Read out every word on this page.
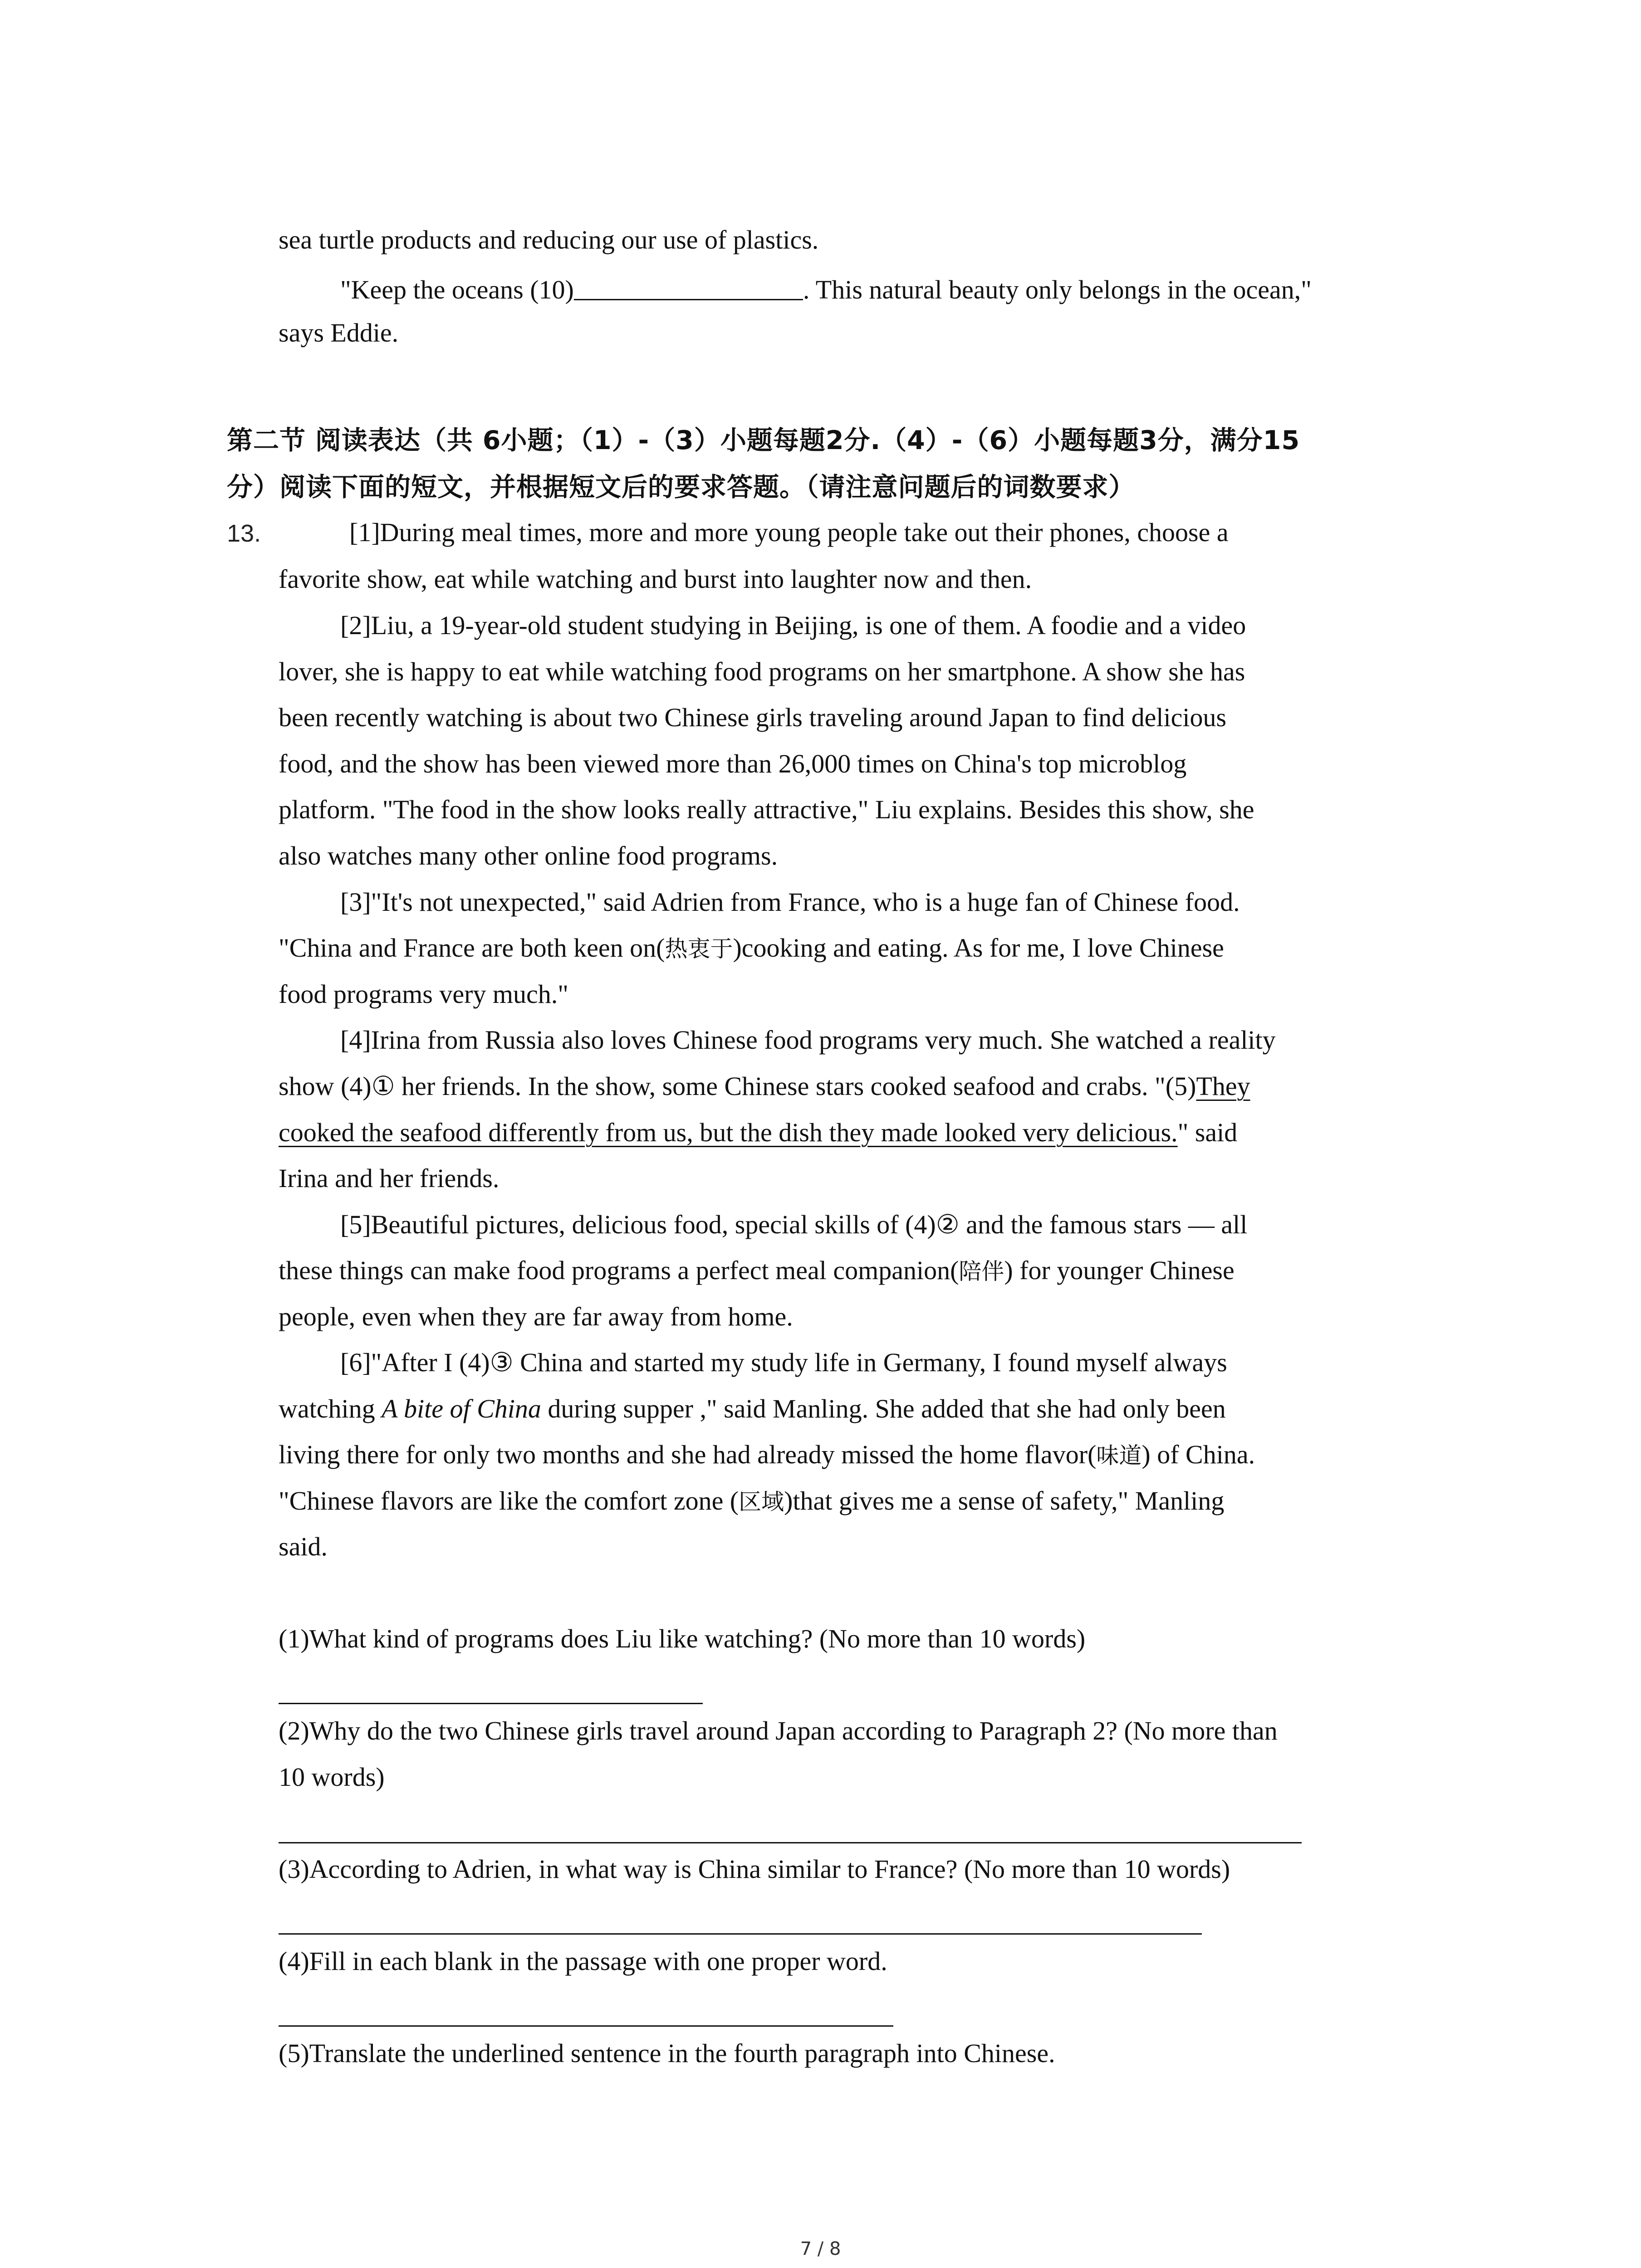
sea turtle products and reducing our use of plastics.
"Keep the oceans (10)	. This natural beauty only belongs in the ocean,"
says Eddie.
第二节 阅读表达（共 6小题；（1）-（3）小题每题2分.（4）-（6）小题每题3分，满分15
分）阅读下面的短文，并根据短文后的要求答题。（请注意问题后的词数要求）
13.	[1]During meal times, more and more young people take out their phones, choose a
favorite show, eat while watching and burst into laughter now and then.
[2]Liu, a 19-year-old student studying in Beijing, is one of them. A foodie and a video
lover, she is happy to eat while watching food programs on her smartphone. A show she has
been recently watching is about two Chinese girls traveling around Japan to find delicious
food, and the show has been viewed more than 26,000 times on China's top microblog
platform. "The food in the show looks really attractive," Liu explains. Besides this show, she
also watches many other online food programs.
[3]"It's not unexpected," said Adrien from France, who is a huge fan of Chinese food.
"China and France are both keen on(热衷于)cooking and eating. As for me, I love Chinese
food programs very much."
[4]Irina from Russia also loves Chinese food programs very much. She watched a reality
show (4)① her friends. In the show, some Chinese stars cooked seafood and crabs. "(5)They
cooked the seafood differently from us, but the dish they made looked very delicious." said
Irina and her friends.
[5]Beautiful pictures, delicious food, special skills of (4)② and the famous stars — all
these things can make food programs a perfect meal companion(陪伴) for younger Chinese
people, even when they are far away from home.
[6]"After I (4)③ China and started my study life in Germany, I found myself always
watching A bite of China during supper ," said Manling. She added that she had only been
living there for only two months and she had already missed the home flavor(味道) of China.
"Chinese flavors are like the comfort zone (区域)that gives me a sense of safety," Manling
said.
(1)What kind of programs does Liu like watching? (No more than 10 words)
(2)Why do the two Chinese girls travel around Japan according to Paragraph 2? (No more than
10 words)
(3)According to Adrien, in what way is China similar to France? (No more than 10 words)
(4)Fill in each blank in the passage with one proper word.
(5)Translate the underlined sentence in the fourth paragraph into Chinese.
7 / 8
